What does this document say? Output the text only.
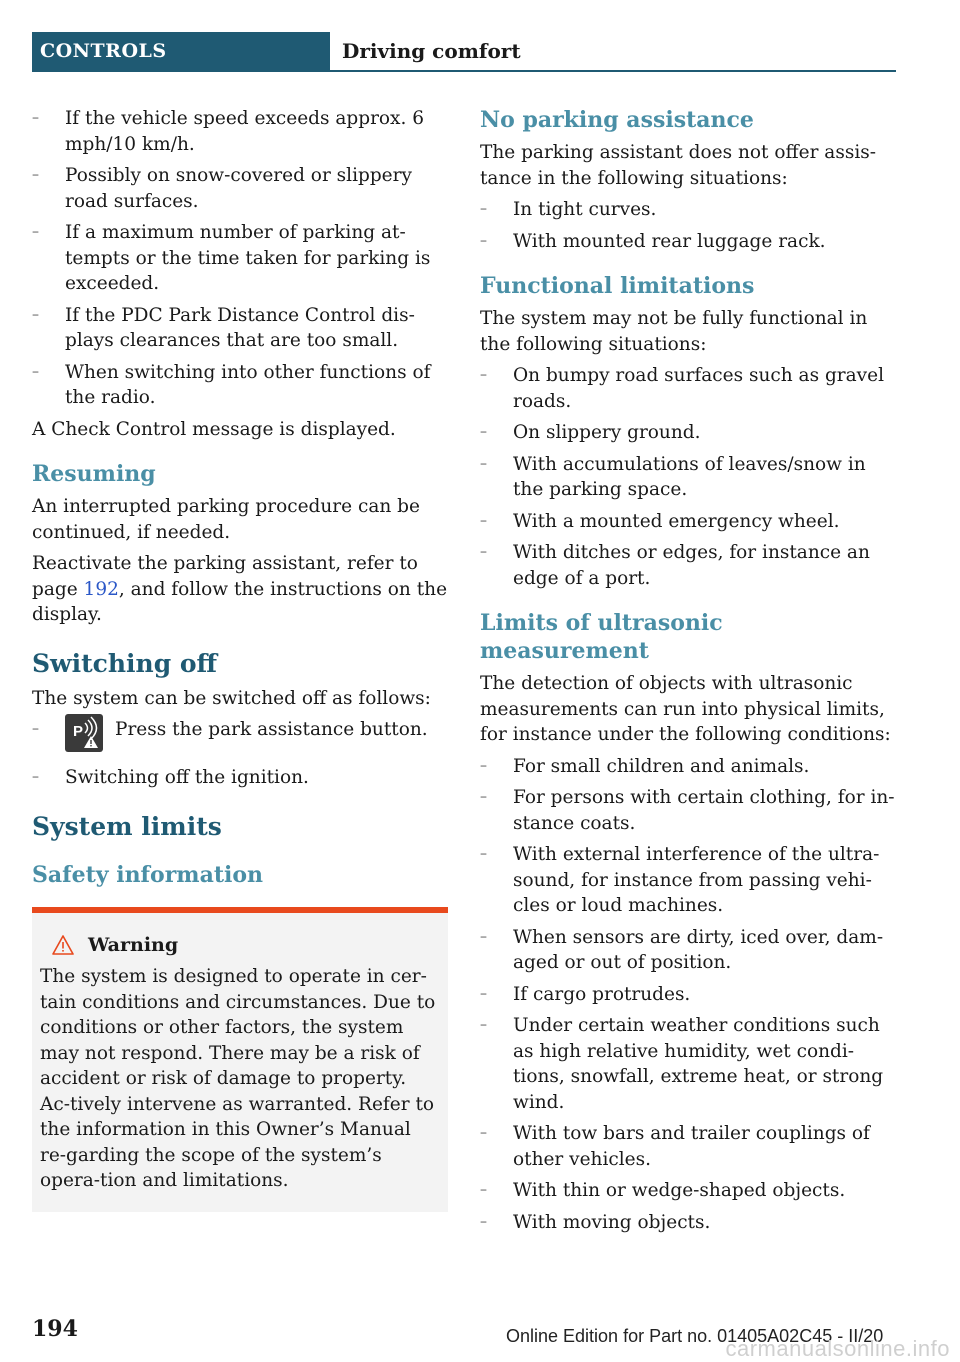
CONTROLS	Driving comfort
–	If the vehicle speed exceeds approx. 6 mph/10 km/h.
–	Possibly on snow-covered or slippery road surfaces.
–	If a maximum number of parking at‐tempts or the time taken for parking is exceeded.
–	If the PDC Park Distance Control dis‐plays clearances that are too small.
–	When switching into other functions of the radio.

A Check Control message is displayed.

Resuming

An interrupted parking procedure can be continued, if needed.

Reactivate the parking assistant, refer to page 192, and follow the instructions on the display.

Switching off

The system can be switched off as follows:

–	P Press the park assistance button.
–	Switching off the ignition.
System limits
Safety information
Warning
The system is designed to operate in cer‐tain conditions and circumstances. Due to conditions or other factors, the system may not respond. There may be a risk of accident or risk of damage to property. Ac‐tively intervene as warranted. Refer to the information in this Owner’s Manual re‐garding the scope of the system’s opera‐tion and limitations.
No parking assistance

The parking assistant does not offer assis‐tance in the following situations:

–	In tight curves.
–	With mounted rear luggage rack.
Functional limitations

The system may not be fully functional in the following situations:

–	On bumpy road surfaces such as gravel roads.
–	On slippery ground.
–	With accumulations of leaves/snow in the parking space.
–	With a mounted emergency wheel.
–	With ditches or edges, for instance an edge of a port.
Limits of ultrasonic measurement

The detection of objects with ultrasonic measurements can run into physical limits, for instance under the following conditions:

–	For small children and animals.
–	For persons with certain clothing, for in‐stance coats.
–	With external interference of the ultra‐sound, for instance from passing vehi‐cles or loud machines.
–	When sensors are dirty, iced over, dam‐aged or out of position.
–	If cargo protrudes.
–	Under certain weather conditions such as high relative humidity, wet condi‐tions, snowfall, extreme heat, or strong wind.
–	With tow bars and trailer couplings of other vehicles.
–	With thin or wedge-shaped objects.
–	With moving objects.
194	Online Edition for Part no. 01405A02C45 - II/20
carmanualsonline.info
